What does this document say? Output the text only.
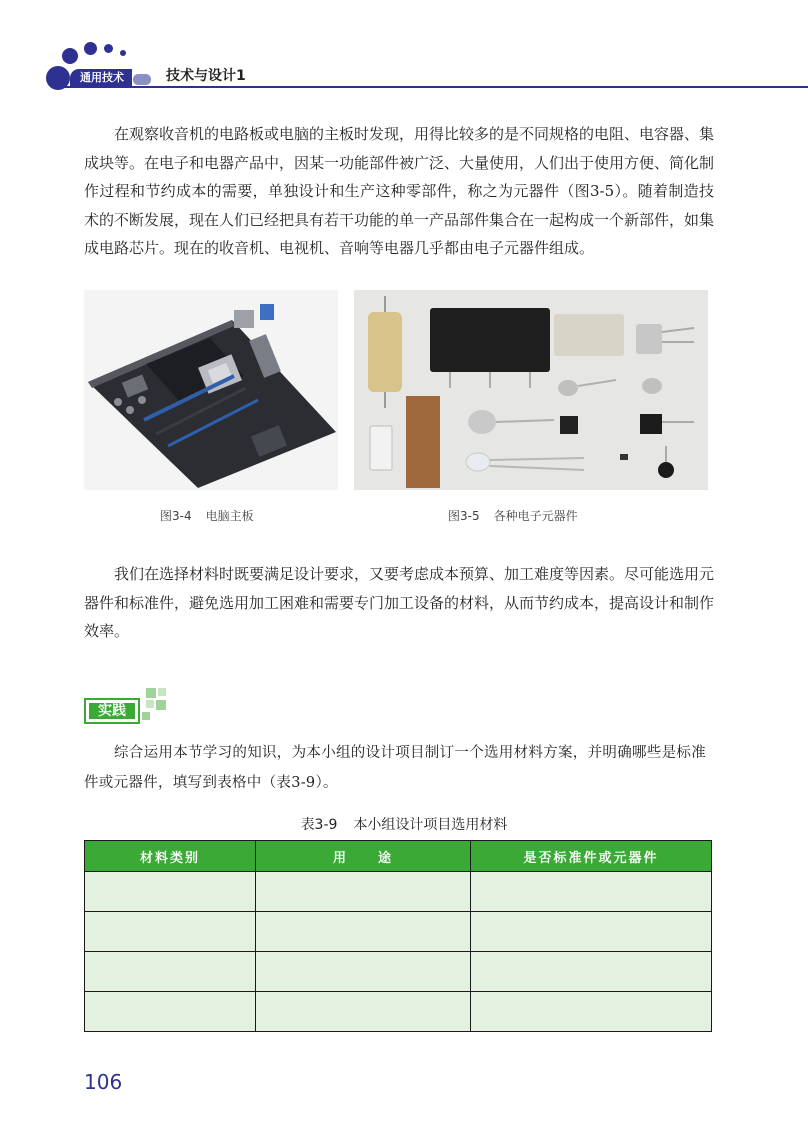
通用技术	技术与设计1

在观察收音机的电路板或电脑的主板时发现，用得比较多的是不同规格的电阻、电容器、集成块等。在电子和电器产品中，因某一功能部件被广泛、大量使用，人们出于使用方便、简化制作过程和节约成本的需要，单独设计和生产这种零部件，称之为元器件（图3-5）。随着制造技术的不断发展，现在人们已经把具有若干功能的单一产品部件集合在一起构成一个新部件，如集成电路芯片。现在的收音机、电视机、音响等电器几乎都由电子元器件组成。

图3-4 电脑主板	图3-5 各种电子元器件

我们在选择材料时既要满足设计要求，又要考虑成本预算、加工难度等因素。尽可能选用元器件和标准件，避免选用加工困难和需要专门加工设备的材料，从而节约成本，提高设计和制作效率。

实践

综合运用本节学习的知识，为本小组的设计项目制订一个选用材料方案，并明确哪些是标准件或元器件，填写到表格中（表3-9）。

表3-9 本小组设计项目选用材料
材料类别	用　　途	是否标准件或元器件

106
